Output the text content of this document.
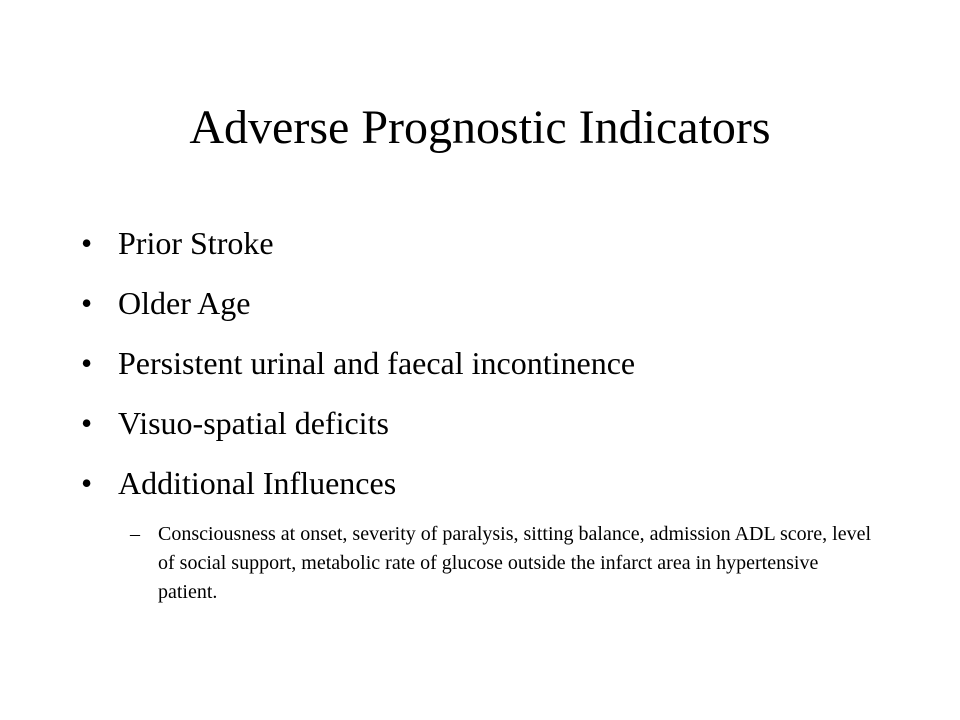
Adverse Prognostic Indicators
• Prior Stroke
• Older Age
• Persistent urinal and faecal incontinence
• Visuo-spatial deficits
• Additional Influences
– Consciousness at onset, severity of paralysis, sitting balance, admission ADL score, level of social support, metabolic rate of glucose outside the infarct area in hypertensive patient.
